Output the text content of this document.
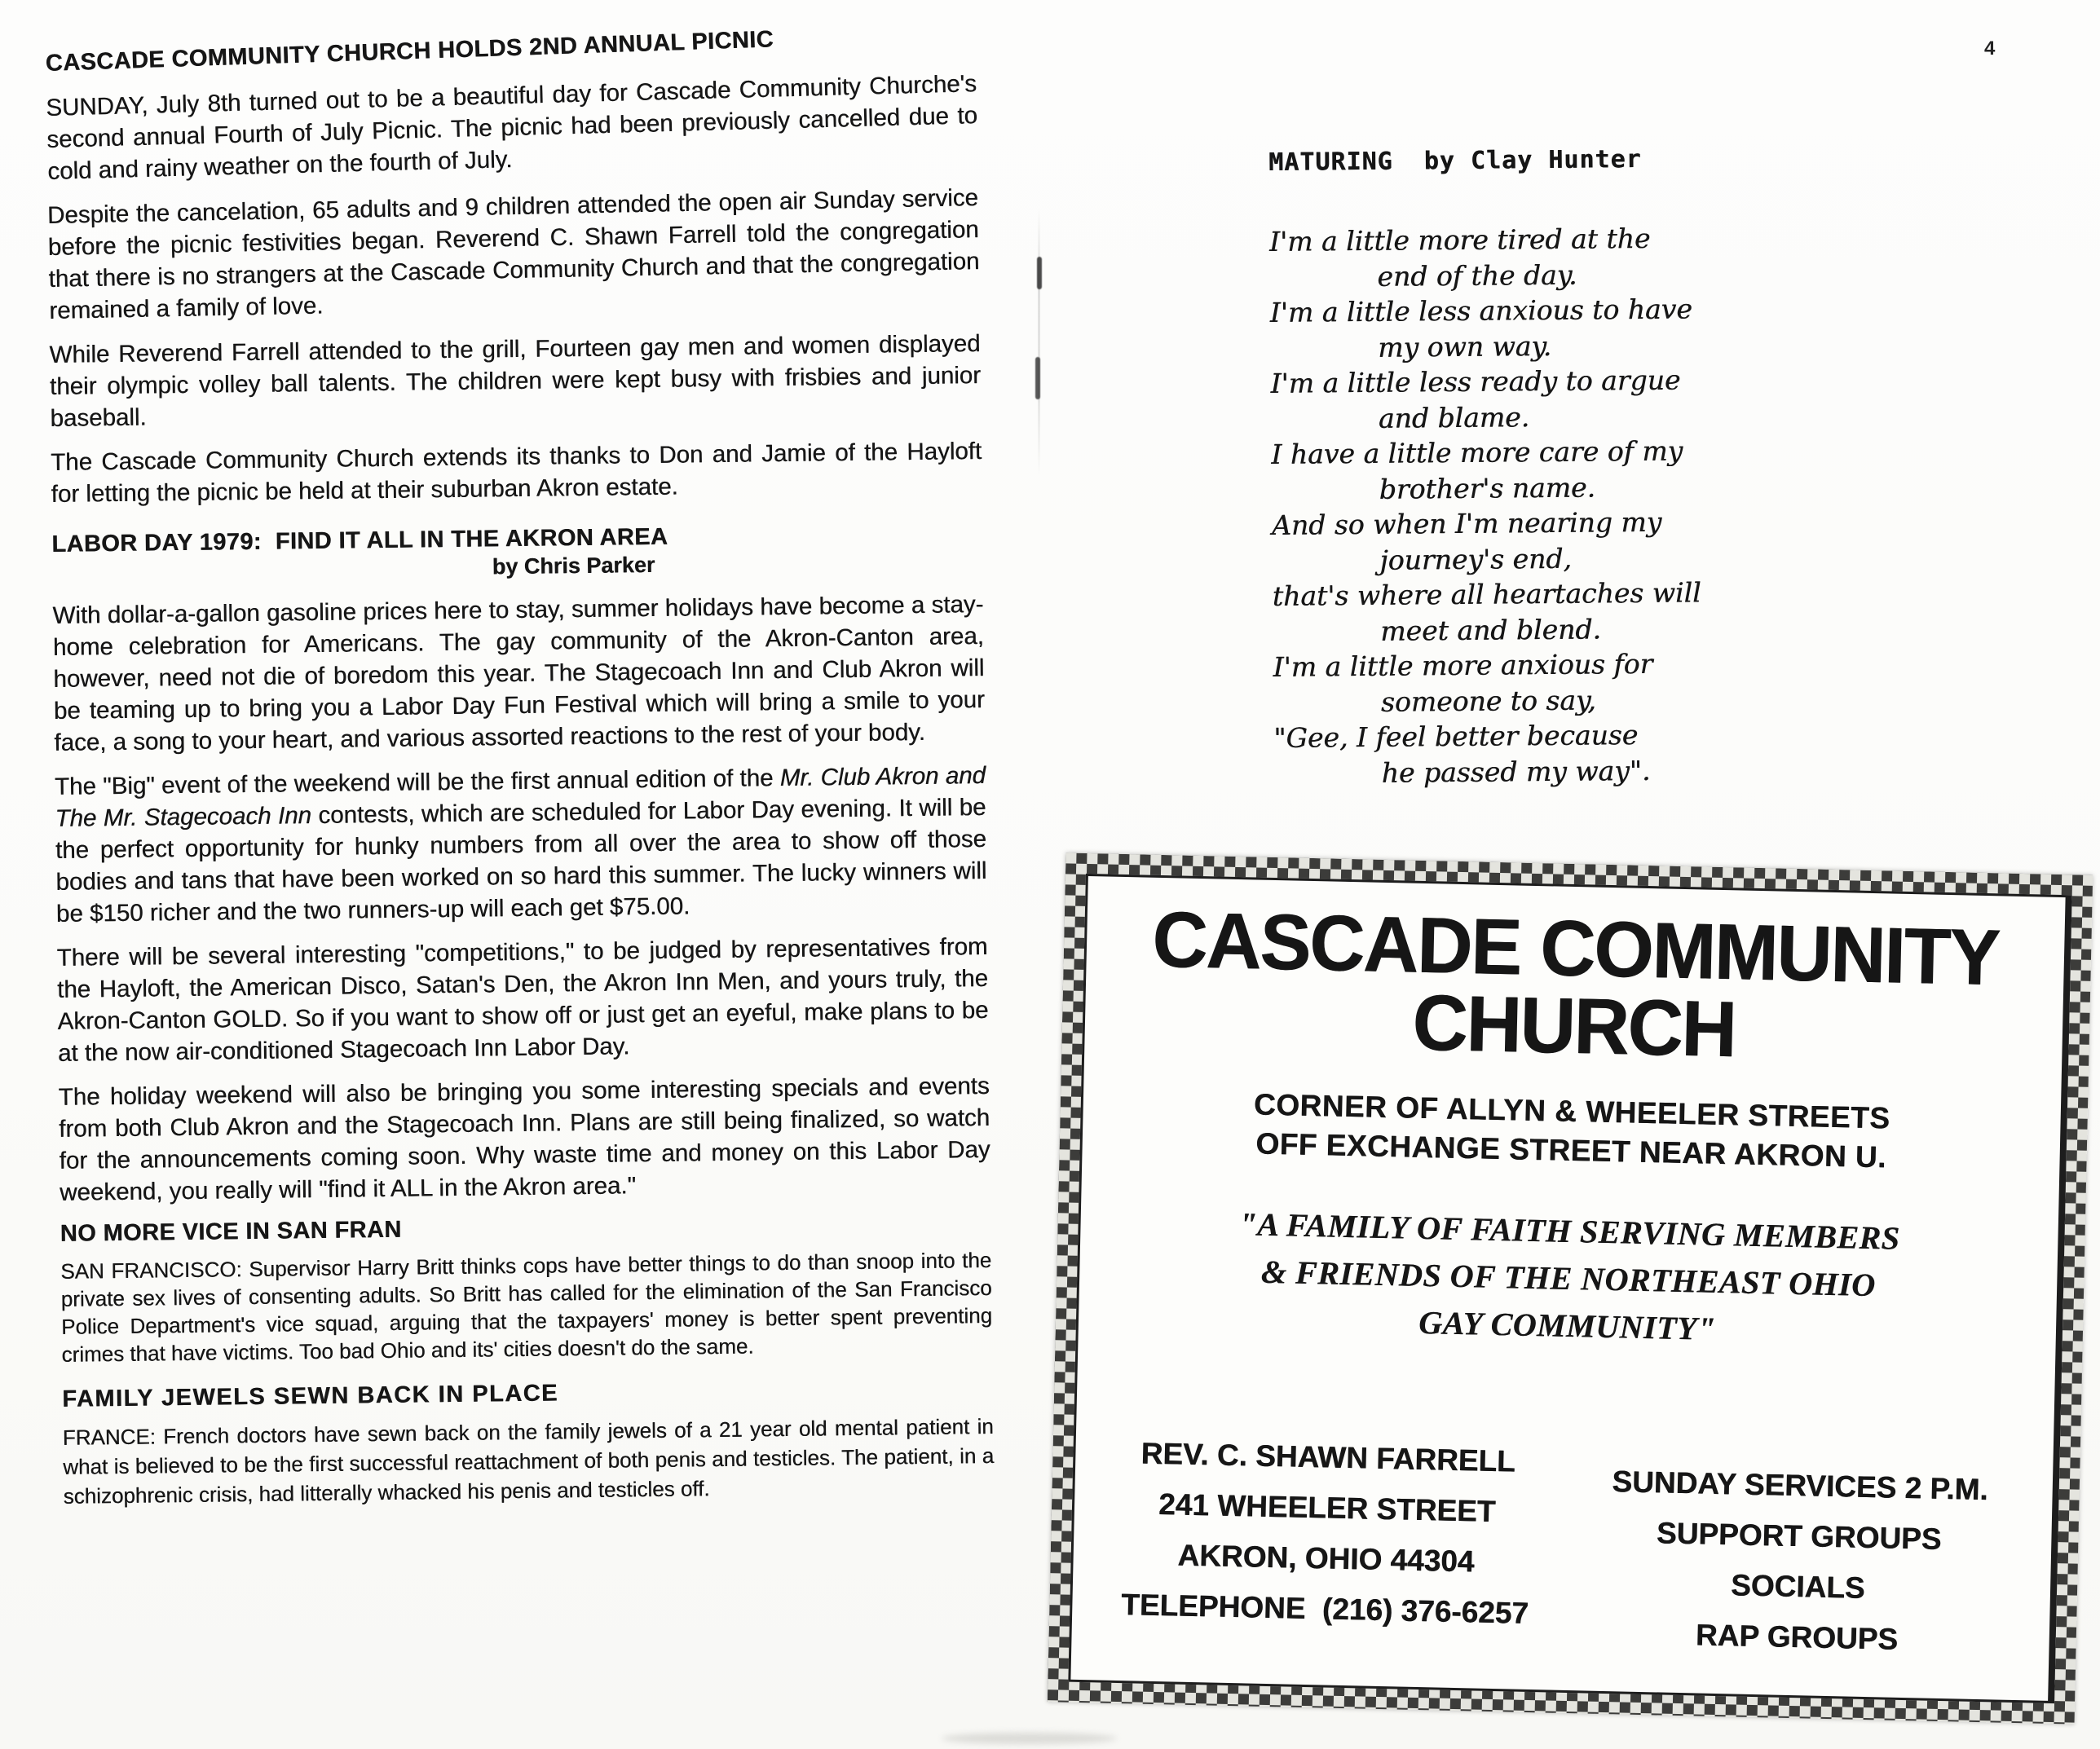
4
CASCADE COMMUNITY CHURCH HOLDS 2ND ANNUAL PICNIC

SUNDAY, July 8th turned out to be a beautiful day for Cascade Community Churche's second annual Fourth of July Picnic. The picnic had been previously cancelled due to cold and rainy weather on the fourth of July.

Despite the cancelation, 65 adults and 9 children attended the open air Sunday service before the picnic festivities began. Reverend C. Shawn Farrell told the congregation that there is no strangers at the Cascade Community Church and that the congregation remained a family of love.

While Reverend Farrell attended to the grill, Fourteen gay men and women displayed their olympic volley ball talents. The children were kept busy with frisbies and junior baseball.

The Cascade Community Church extends its thanks to Don and Jamie of the Hayloft for letting the picnic be held at their suburban Akron estate.

LABOR DAY 1979:  FIND IT ALL IN THE AKRON AREA
by Chris Parker

With dollar-a-gallon gasoline prices here to stay, summer holidays have become a stay-home celebration for Americans. The gay community of the Akron-Canton area, however, need not die of boredom this year. The Stagecoach Inn and Club Akron will be teaming up to bring you a Labor Day Fun Festival which will bring a smile to your face, a song to your heart, and various assorted reactions to the rest of your body.

The "Big" event of the weekend will be the first annual edition of the Mr. Club Akron and The Mr. Stagecoach Inn contests, which are scheduled for Labor Day evening. It will be the perfect opportunity for hunky numbers from all over the area to show off those bodies and tans that have been worked on so hard this summer. The lucky winners will be $150 richer and the two runners-up will each get $75.00.

There will be several interesting "competitions," to be judged by representatives from the Hayloft, the American Disco, Satan's Den, the Akron Inn Men, and yours truly, the Akron-Canton GOLD. So if you want to show off or just get an eyeful, make plans to be at the now air-conditioned Stagecoach Inn Labor Day.

The holiday weekend will also be bringing you some interesting specials and events from both Club Akron and the Stagecoach Inn. Plans are still being finalized, so watch for the announcements coming soon. Why waste time and money on this Labor Day weekend, you really will "find it ALL in the Akron area."

NO MORE VICE IN SAN FRAN

SAN FRANCISCO: Supervisor Harry Britt thinks cops have better things to do than snoop into the private sex lives of consenting adults. So Britt has called for the elimination of the San Francisco Police Department's vice squad, arguing that the taxpayers' money is better spent preventing crimes that have victims. Too bad Ohio and its' cities doesn't do the same.

FAMILY JEWELS SEWN BACK IN PLACE

FRANCE: French doctors have sewn back on the family jewels of a 21 year old mental patient in what is believed to be the first successful reattachment of both penis and testicles. The patient, in a schizophrenic crisis, had litterally whacked his penis and testicles off.

MATURING  by Clay Hunter
I'm a little more tired at the
end of the day.
I'm a little less anxious to have
my own way.
I'm a little less ready to argue
and blame.
I have a little more care of my
brother's name.
And so when I'm nearing my
journey's end,
that's where all heartaches will
meet and blend.
I'm a little more anxious for
someone to say,
"Gee, I feel better because
he passed my way".
CASCADE COMMUNITY
CHURCH
CORNER OF ALLYN & WHEELER STREETS
OFF EXCHANGE STREET NEAR AKRON U.
"A FAMILY OF FAITH SERVING MEMBERS
& FRIENDS OF THE NORTHEAST OHIO
GAY COMMUNITY"
REV. C. SHAWN FARRELL
241 WHEELER STREET
AKRON, OHIO 44304
TELEPHONE  (216) 376-6257
SUNDAY SERVICES 2 P.M.
SUPPORT GROUPS
SOCIALS
RAP GROUPS
